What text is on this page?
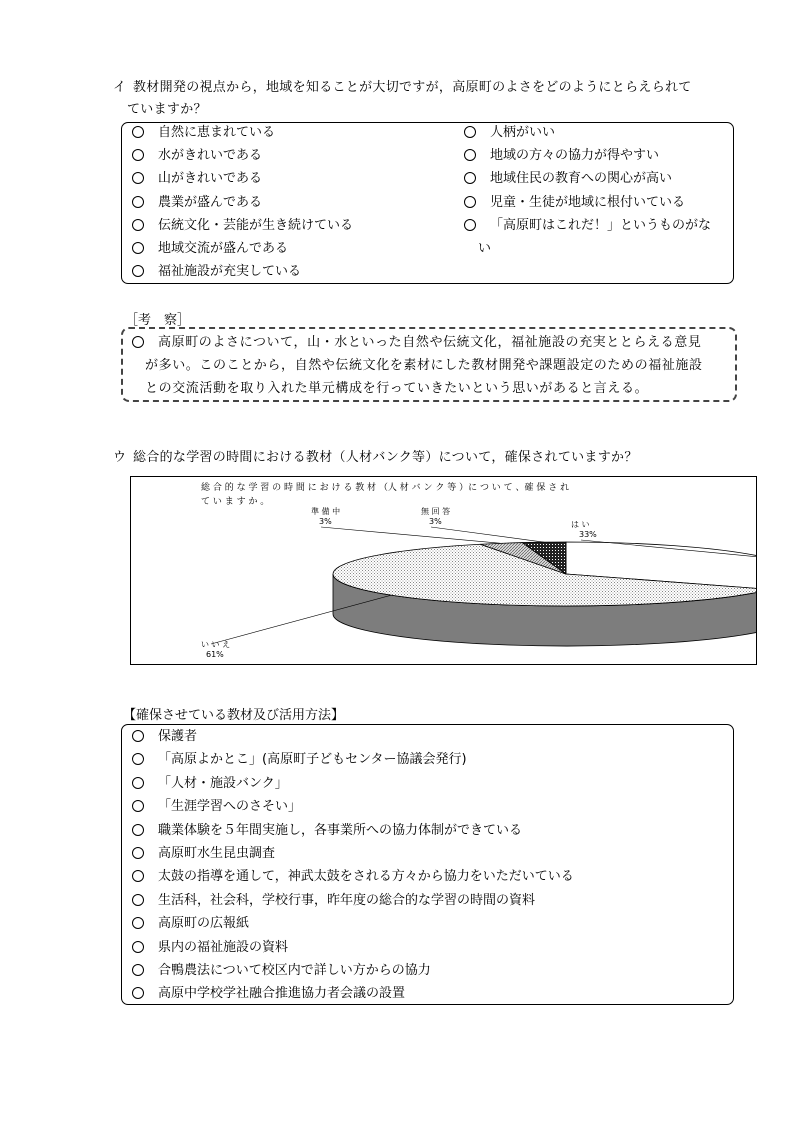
イ 教材開発の視点から，地域を知ることが大切ですが，高原町のよさをどのようにとらえられて
ていますか？
自然に恵まれている
水がきれいである
山がきれいである
農業が盛んである
伝統文化・芸能が生き続けている
地域交流が盛んである
福祉施設が充実している
人柄がいい
地域の方々の協力が得やすい
地域住民の教育への関心が高い
児童・生徒が地域に根付いている
「高原町はこれだ！」というものがな
い
［考　察］
高原町のよさについて，山・水といった自然や伝統文化，福祉施設の充実ととらえる意見
が多い。このことから，自然や伝統文化を素材にした教材開発や課題設定のための福祉施設
との交流活動を取り入れた単元構成を行っていきたいという思いがあると言える。
ウ 総合的な学習の時間における教材（人材バンク等）について，確保されていますか？
総 合 的 な 学 習 の 時 間 に お け る 教 材 （人 材 バ ン ク 等 ）に つ い て 、確 保 さ れ
て い ま す か 。
は い
33%
い い え
61%
準 備 中
3%
無 回 答
3%
【確保させている教材及び活用方法】
保護者
「高原よかとこ」(高原町子どもセンター協議会発行)
「人材・施設バンク」
「生涯学習へのさそい」
職業体験を５年間実施し，各事業所への協力体制ができている
高原町水生昆虫調査
太鼓の指導を通して，神武太鼓をされる方々から協力をいただいている
生活科，社会科，学校行事，昨年度の総合的な学習の時間の資料
高原町の広報紙
県内の福祉施設の資料
合鴨農法について校区内で詳しい方からの協力
高原中学校学社融合推進協力者会議の設置
